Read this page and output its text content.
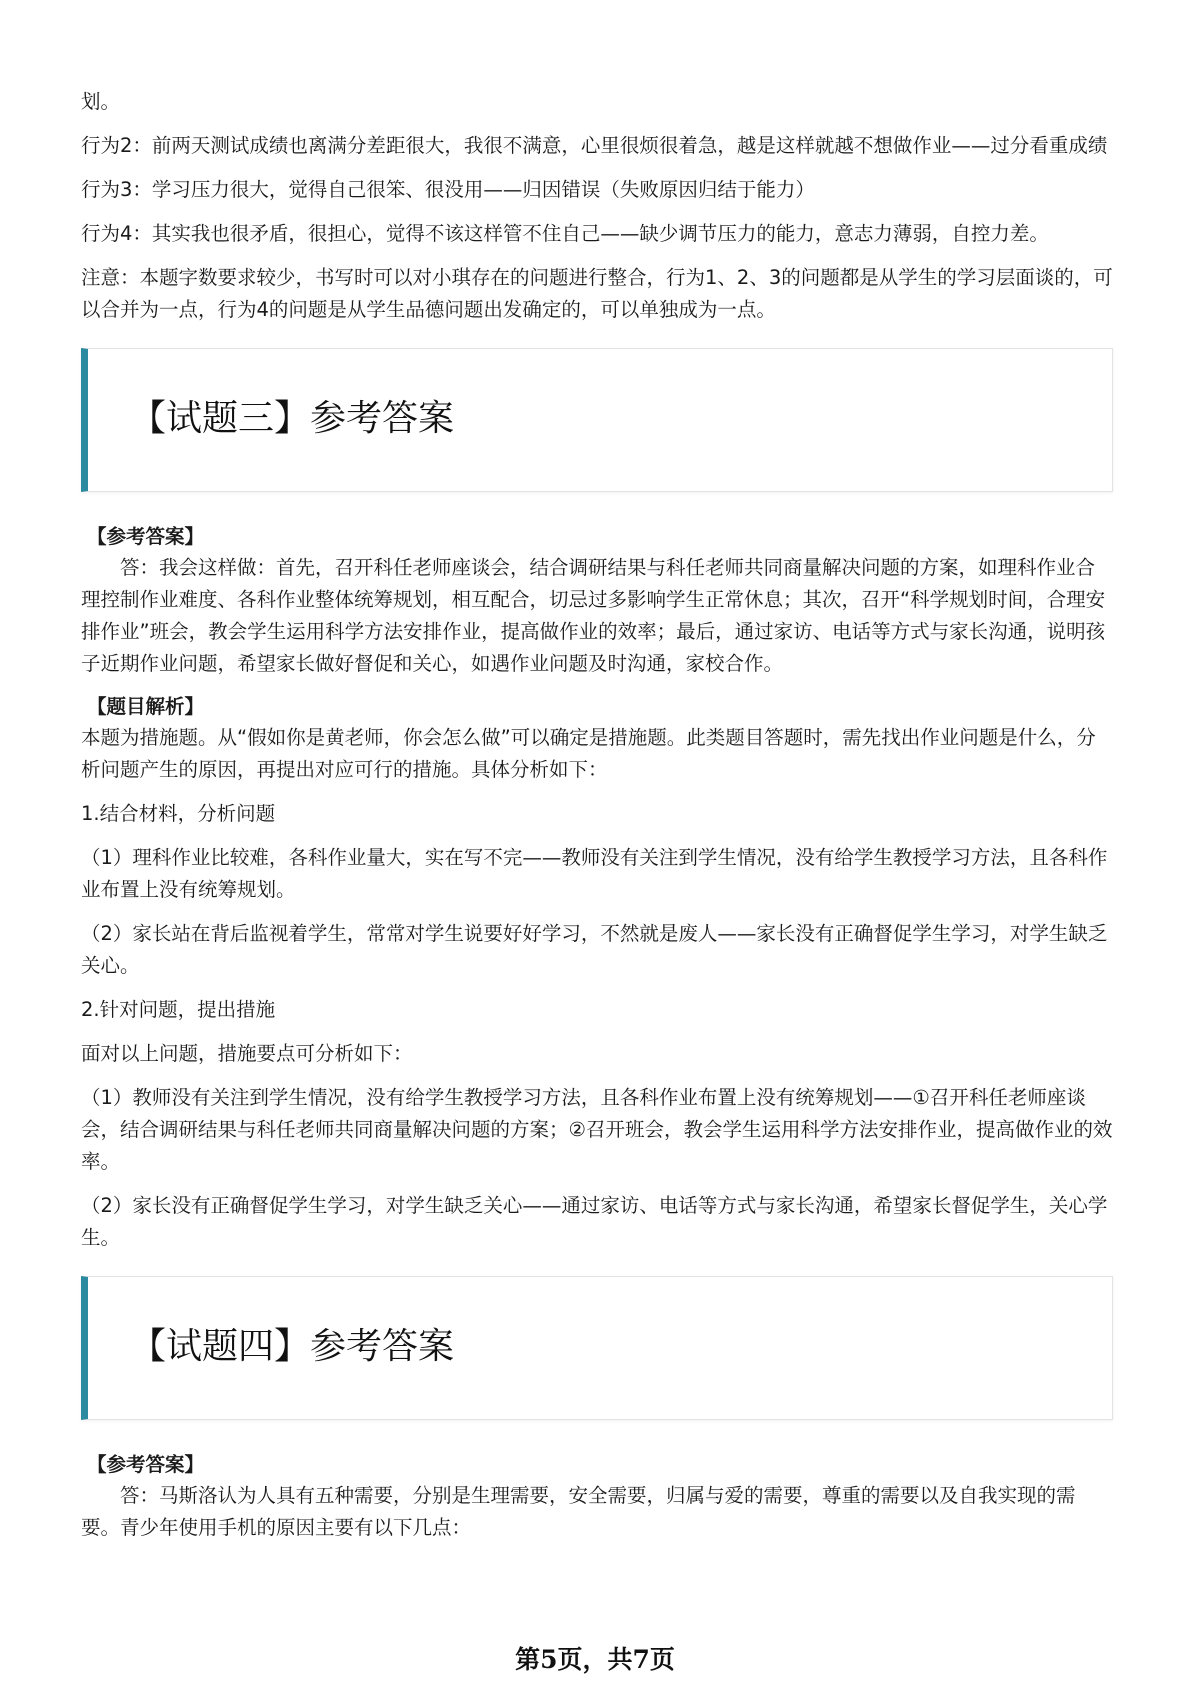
划。

行为2：前两天测试成绩也离满分差距很大，我很不满意，心里很烦很着急，越是这样就越不想做作业——过分看重成绩

行为3：学习压力很大，觉得自己很笨、很没用——归因错误（失败原因归结于能力）

行为4：其实我也很矛盾，很担心，觉得不该这样管不住自己——缺少调节压力的能力，意志力薄弱，自控力差。

注意：本题字数要求较少，书写时可以对小琪存在的问题进行整合，行为1、2、3的问题都是从学生的学习层面谈的，可以合并为一点，行为4的问题是从学生品德问题出发确定的，可以单独成为一点。

【试题三】参考答案

【参考答案】

答：我会这样做：首先，召开科任老师座谈会，结合调研结果与科任老师共同商量解决问题的方案，如理科作业合理控制作业难度、各科作业整体统筹规划，相互配合，切忌过多影响学生正常休息；其次，召开“科学规划时间，合理安排作业”班会，教会学生运用科学方法安排作业，提高做作业的效率；最后，通过家访、电话等方式与家长沟通，说明孩子近期作业问题，希望家长做好督促和关心，如遇作业问题及时沟通，家校合作。

【题目解析】

本题为措施题。从“假如你是黄老师，你会怎么做”可以确定是措施题。此类题目答题时，需先找出作业问题是什么，分析问题产生的原因，再提出对应可行的措施。具体分析如下：

1.结合材料，分析问题

（1）理科作业比较难，各科作业量大，实在写不完——教师没有关注到学生情况，没有给学生教授学习方法，且各科作业布置上没有统筹规划。

（2）家长站在背后监视着学生，常常对学生说要好好学习，不然就是废人——家长没有正确督促学生学习，对学生缺乏关心。

2.针对问题，提出措施

面对以上问题，措施要点可分析如下：

（1）教师没有关注到学生情况，没有给学生教授学习方法，且各科作业布置上没有统筹规划——①召开科任老师座谈会，结合调研结果与科任老师共同商量解决问题的方案；②召开班会，教会学生运用科学方法安排作业，提高做作业的效率。

（2）家长没有正确督促学生学习，对学生缺乏关心——通过家访、电话等方式与家长沟通，希望家长督促学生，关心学生。

【试题四】参考答案

【参考答案】

答：马斯洛认为人具有五种需要，分别是生理需要，安全需要，归属与爱的需要，尊重的需要以及自我实现的需要。青少年使用手机的原因主要有以下几点：

第5页，共7页
